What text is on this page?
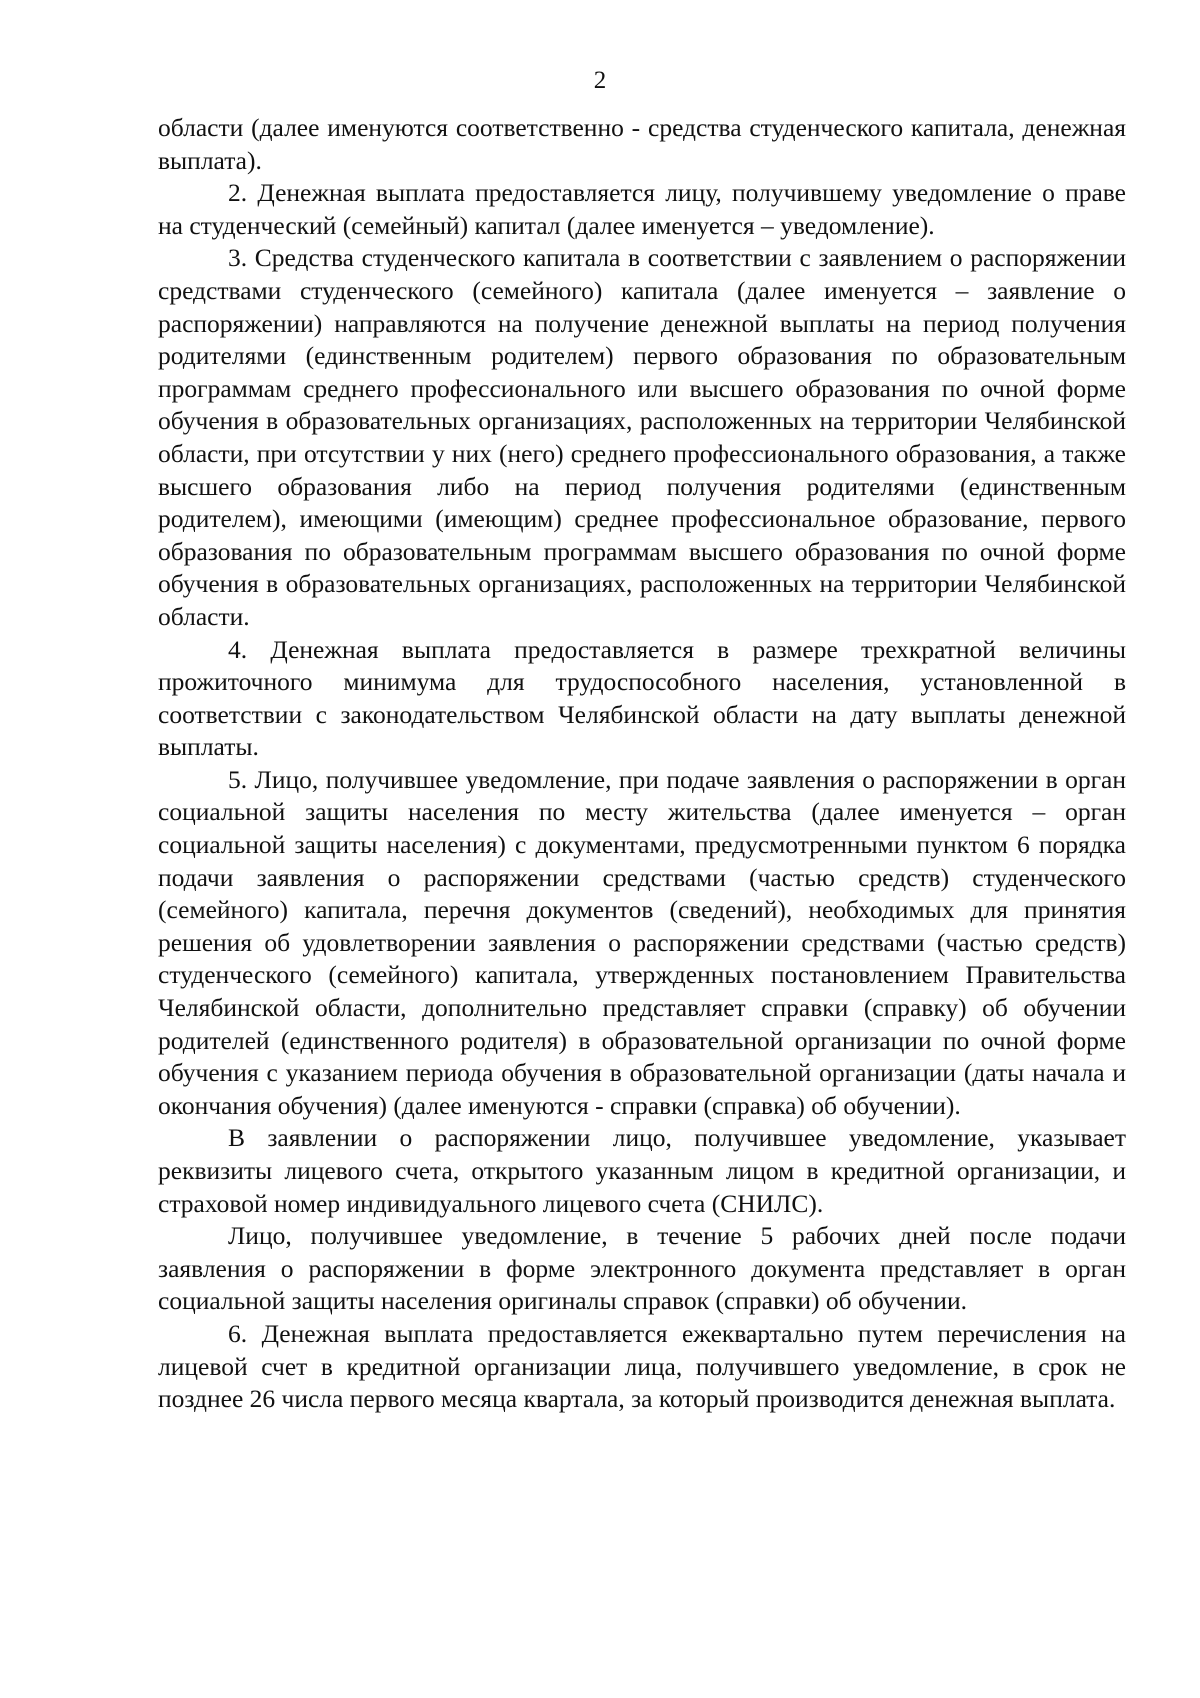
2

области (далее именуются соответственно - средства студенческого капитала, денежная выплата).

2. Денежная выплата предоставляется лицу, получившему уведомление о праве на студенческий (семейный) капитал (далее именуется – уведомление).

3. Средства студенческого капитала в соответствии с заявлением о распоряжении средствами студенческого (семейного) капитала (далее именуется – заявление о распоряжении) направляются на получение денежной выплаты на период получения родителями (единственным родителем) первого образования по образовательным программам среднего профессионального или высшего образования по очной форме обучения в образовательных организациях, расположенных на территории Челябинской области, при отсутствии у них (него) среднего профессионального образования, а также высшего образования либо на период получения родителями (единственным родителем), имеющими (имеющим) среднее профессиональное образование, первого образования по образовательным программам высшего образования по очной форме обучения в образовательных организациях, расположенных на территории Челябинской области.

4. Денежная выплата предоставляется в размере трехкратной величины прожиточного минимума для трудоспособного населения, установленной в соответствии с законодательством Челябинской области на дату выплаты денежной выплаты.

5. Лицо, получившее уведомление, при подаче заявления о распоряжении в орган социальной защиты населения по месту жительства (далее именуется – орган социальной защиты населения) с документами, предусмотренными пунктом 6 порядка подачи заявления о распоряжении средствами (частью средств) студенческого (семейного) капитала, перечня документов (сведений), необходимых для принятия решения об удовлетворении заявления о распоряжении средствами (частью средств) студенческого (семейного) капитала, утвержденных постановлением Правительства Челябинской области, дополнительно представляет справки (справку) об обучении родителей (единственного родителя) в образовательной организации по очной форме обучения с указанием периода обучения в образовательной организации (даты начала и окончания обучения) (далее именуются - справки (справка) об обучении).

В заявлении о распоряжении лицо, получившее уведомление, указывает реквизиты лицевого счета, открытого указанным лицом в кредитной организации, и страховой номер индивидуального лицевого счета (СНИЛС).

Лицо, получившее уведомление, в течение 5 рабочих дней после подачи заявления о распоряжении в форме электронного документа представляет в орган социальной защиты населения оригиналы справок (справки) об обучении.

6. Денежная выплата предоставляется ежеквартально путем перечисления на лицевой счет в кредитной организации лица, получившего уведомление, в срок не позднее 26 числа первого месяца квартала, за который производится денежная выплата.
